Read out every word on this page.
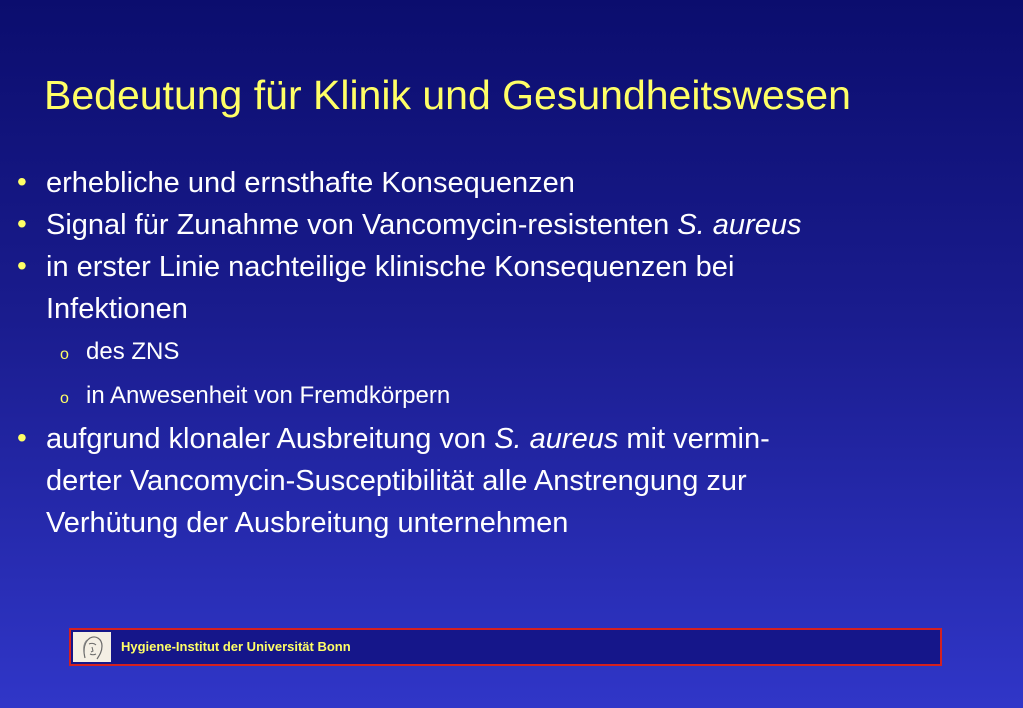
Bedeutung für Klinik und Gesundheitswesen

• erhebliche und ernsthafte Konsequenzen

• Signal für Zunahme von Vancomycin-resistenten S. aureus

• in erster Linie nachteilige klinische Konsequenzen bei
Infektionen

o des ZNS

o in Anwesenheit von Fremdkörpern

• aufgrund klonaler Ausbreitung von S. aureus mit vermin-
derter Vancomycin-Susceptibilität alle Anstrengung zur
Verhütung der Ausbreitung unternehmen

Hygiene-Institut der Universität Bonn
